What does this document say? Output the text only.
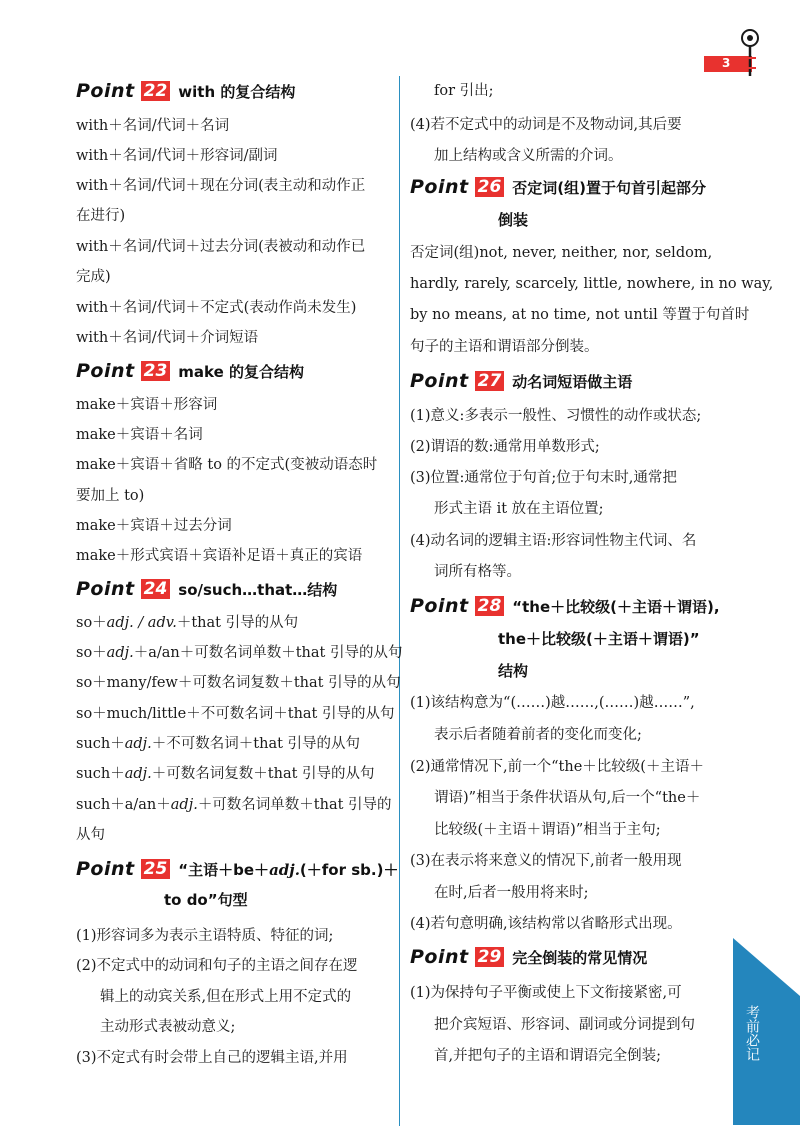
3
Point 22 with 的复合结构
with＋名词/代词＋名词
with＋名词/代词＋形容词/副词
with＋名词/代词＋现在分词(表主动和动作正
在进行)
with＋名词/代词＋过去分词(表被动和动作已
完成)
with＋名词/代词＋不定式(表动作尚未发生)
with＋名词/代词＋介词短语
Point 23 make 的复合结构
make＋宾语＋形容词
make＋宾语＋名词
make＋宾语＋省略 to 的不定式(变被动语态时
要加上 to)
make＋宾语＋过去分词
make＋形式宾语＋宾语补足语＋真正的宾语
Point 24 so/such…that…结构
so＋adj. / adv.＋that 引导的从句
so＋adj.＋a/an＋可数名词单数＋that 引导的从句
so＋many/few＋可数名词复数＋that 引导的从句
so＋much/little＋不可数名词＋that 引导的从句
such＋adj.＋不可数名词＋that 引导的从句
such＋adj.＋可数名词复数＋that 引导的从句
such＋a/an＋adj.＋可数名词单数＋that 引导的
从句
Point 25 “主语＋be＋adj.(＋for sb.)＋
to do”句型
(1)形容词多为表示主语特质、特征的词;
(2)不定式中的动词和句子的主语之间存在逻
辑上的动宾关系,但在形式上用不定式的
主动形式表被动意义;
(3)不定式有时会带上自己的逻辑主语,并用
for 引出;
(4)若不定式中的动词是不及物动词,其后要
加上结构或含义所需的介词。
Point 26 否定词(组)置于句首引起部分
倒装
否定词(组)not, never, neither, nor, seldom,
hardly, rarely, scarcely, little, nowhere, in no way,
by no means, at no time, not until 等置于句首时
句子的主语和谓语部分倒装。
Point 27 动名词短语做主语
(1)意义:多表示一般性、习惯性的动作或状态;
(2)谓语的数:通常用单数形式;
(3)位置:通常位于句首;位于句末时,通常把
形式主语 it 放在主语位置;
(4)动名词的逻辑主语:形容词性物主代词、名
词所有格等。
Point 28 “the＋比较级(＋主语＋谓语),
the＋比较级(＋主语＋谓语)”
结构
(1)该结构意为“(……)越……,(……)越……”,
表示后者随着前者的变化而变化;
(2)通常情况下,前一个“the＋比较级(＋主语＋
谓语)”相当于条件状语从句,后一个“the＋
比较级(＋主语＋谓语)”相当于主句;
(3)在表示将来意义的情况下,前者一般用现
在时,后者一般用将来时;
(4)若句意明确,该结构常以省略形式出现。
Point 29 完全倒装的常见情况
(1)为保持句子平衡或使上下文衔接紧密,可
把介宾短语、形容词、副词或分词提到句
首,并把句子的主语和谓语完全倒装;	考前必记
